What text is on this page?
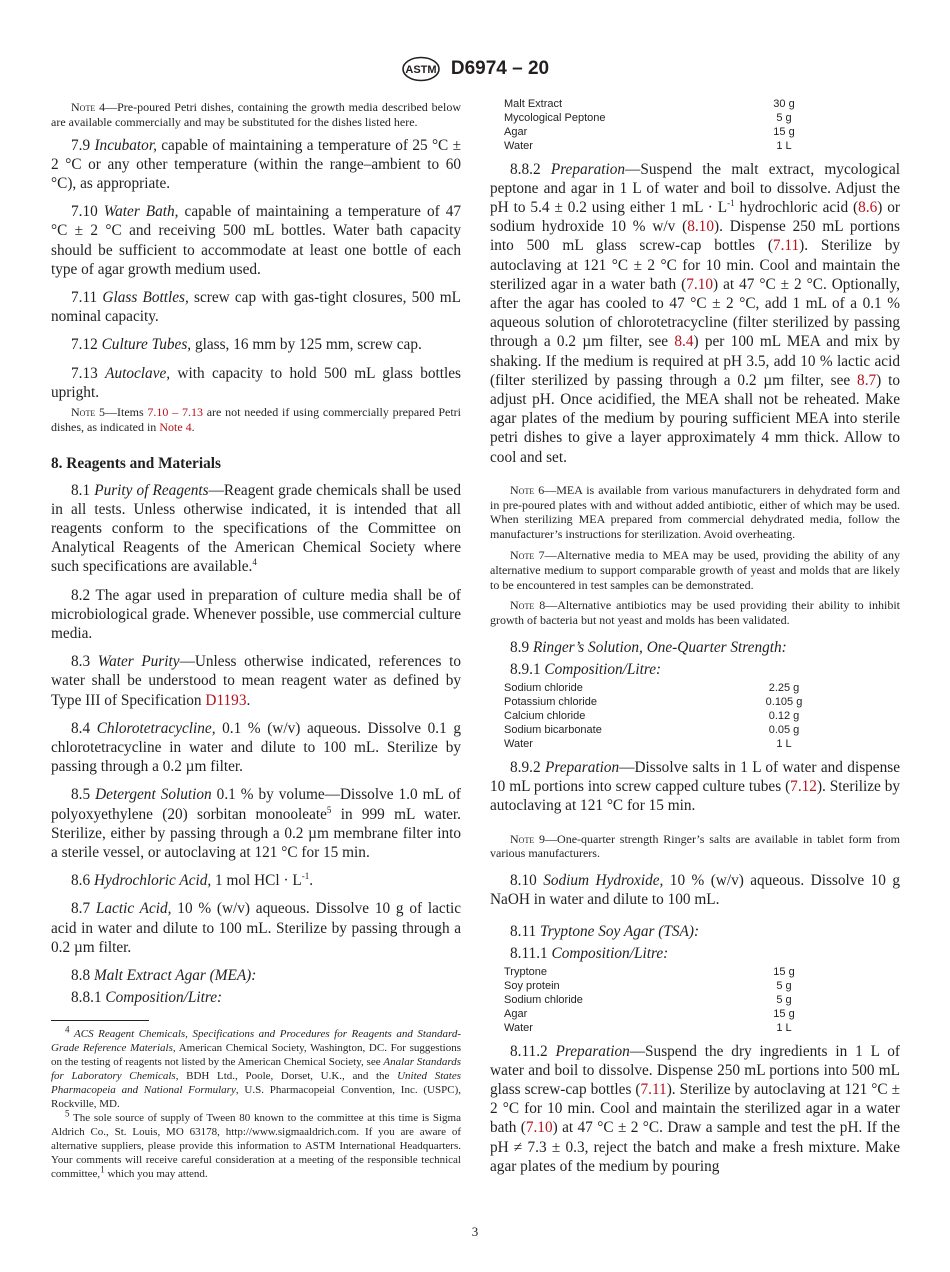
ASTM D6974 – 20

Note 4—Pre-poured Petri dishes, containing the growth media described below are available commercially and may be substituted for the dishes listed here.

7.9 Incubator, capable of maintaining a temperature of 25 °C ± 2 °C or any other temperature (within the range–ambient to 60 °C), as appropriate.

7.10 Water Bath, capable of maintaining a temperature of 47 °C ± 2 °C and receiving 500 mL bottles. Water bath capacity should be sufficient to accommodate at least one bottle of each type of agar growth medium used.

7.11 Glass Bottles, screw cap with gas-tight closures, 500 mL nominal capacity.

7.12 Culture Tubes, glass, 16 mm by 125 mm, screw cap.

7.13 Autoclave, with capacity to hold 500 mL glass bottles upright.

Note 5—Items 7.10 – 7.13 are not needed if using commercially prepared Petri dishes, as indicated in Note 4.

8. Reagents and Materials

8.1 Purity of Reagents—Reagent grade chemicals shall be used in all tests. Unless otherwise indicated, it is intended that all reagents conform to the specifications of the Committee on Analytical Reagents of the American Chemical Society where such specifications are available.$^4$

8.2 The agar used in preparation of culture media shall be of microbiological grade. Whenever possible, use commercial culture media.

8.3 Water Purity—Unless otherwise indicated, references to water shall be understood to mean reagent water as defined by Type III of Specification D1193.

8.4 Chlorotetracycline, 0.1 % (w/v) aqueous. Dissolve 0.1 g chlorotetracycline in water and dilute to 100 mL. Sterilize by passing through a 0.2 µm filter.

8.5 Detergent Solution 0.1 % by volume—Dissolve 1.0 mL of polyoxyethylene (20) sorbitan monooleate$^5$ in 999 mL water. Sterilize, either by passing through a 0.2 µm membrane filter into a sterile vessel, or autoclaving at 121 °C for 15 min.

8.6 Hydrochloric Acid, 1 mol HCl · $L^{-1}$.

8.7 Lactic Acid, 10 % (w/v) aqueous. Dissolve 10 g of lactic acid in water and dilute to 100 mL. Sterilize by passing through a 0.2 µm filter.

8.8 Malt Extract Agar (MEA):

8.8.1 Composition/Litre:

$^4$ ACS Reagent Chemicals, Specifications and Procedures for Reagents and Standard-Grade Reference Materials, American Chemical Society, Washington, DC. For suggestions on the testing of reagents not listed by the American Chemical Society, see Analar Standards for Laboratory Chemicals, BDH Ltd., Poole, Dorset, U.K., and the United States Pharmacopeia and National Formulary, U.S. Pharmacopeial Convention, Inc. (USPC), Rockville, MD.

$^5$ The sole source of supply of Tween 80 known to the committee at this time is Sigma Aldrich Co., St. Louis, MO 63178, http://www.sigmaaldrich.com. If you are aware of alternative suppliers, please provide this information to ASTM International Headquarters. Your comments will receive careful consideration at a meeting of the responsible technical committee,$^1$ which you may attend.

Malt Extract	30 g
Mycological Peptone	5 g
Agar	15 g
Water	1 L

8.8.2 Preparation—Suspend the malt extract, mycological peptone and agar in 1 L of water and boil to dissolve. Adjust the pH to 5.4 ± 0.2 using either 1 mL · $L^{-1}$ hydrochloric acid (8.6) or sodium hydroxide 10 % w/v (8.10). Dispense 250 mL portions into 500 mL glass screw-cap bottles (7.11). Sterilize by autoclaving at 121 °C ± 2 °C for 10 min. Cool and maintain the sterilized agar in a water bath (7.10) at 47 °C ± 2 °C. Optionally, after the agar has cooled to 47 °C ± 2 °C, add 1 mL of a 0.1 % aqueous solution of chlorotetracycline (filter sterilized by passing through a 0.2 µm filter, see 8.4) per 100 mL MEA and mix by shaking. If the medium is required at pH 3.5, add 10 % lactic acid (filter sterilized by passing through a 0.2 µm filter, see 8.7) to adjust pH. Once acidified, the MEA shall not be reheated. Make agar plates of the medium by pouring sufficient MEA into sterile petri dishes to give a layer approximately 4 mm thick. Allow to cool and set.

Note 6—MEA is available from various manufacturers in dehydrated form and in pre-poured plates with and without added antibiotic, either of which may be used. When sterilizing MEA prepared from commercial dehydrated media, follow the manufacturer’s instructions for sterilization. Avoid overheating.

Note 7—Alternative media to MEA may be used, providing the ability of any alternative medium to support comparable growth of yeast and molds that are likely to be encountered in test samples can be demonstrated.

Note 8—Alternative antibiotics may be used providing their ability to inhibit growth of bacteria but not yeast and molds has been validated.

8.9 Ringer’s Solution, One-Quarter Strength:

8.9.1 Composition/Litre:

Sodium chloride	2.25 g
Potassium chloride	0.105 g
Calcium chloride	0.12 g
Sodium bicarbonate	0.05 g
Water	1 L

8.9.2 Preparation—Dissolve salts in 1 L of water and dispense 10 mL portions into screw capped culture tubes (7.12). Sterilize by autoclaving at 121 °C for 15 min.

Note 9—One-quarter strength Ringer’s salts are available in tablet form from various manufacturers.

8.10 Sodium Hydroxide, 10 % (w/v) aqueous. Dissolve 10 g NaOH in water and dilute to 100 mL.

8.11 Tryptone Soy Agar (TSA):

8.11.1 Composition/Litre:

Tryptone	15 g
Soy protein	5 g
Sodium chloride	5 g
Agar	15 g
Water	1 L

8.11.2 Preparation—Suspend the dry ingredients in 1 L of water and boil to dissolve. Dispense 250 mL portions into 500 mL glass screw-cap bottles (7.11). Sterilize by autoclaving at 121 °C ± 2 °C for 10 min. Cool and maintain the sterilized agar in a water bath (7.10) at 47 °C ± 2 °C. Draw a sample and test the pH. If the pH ≠ 7.3 ± 0.3, reject the batch and make a fresh mixture. Make agar plates of the medium by pouring

3
